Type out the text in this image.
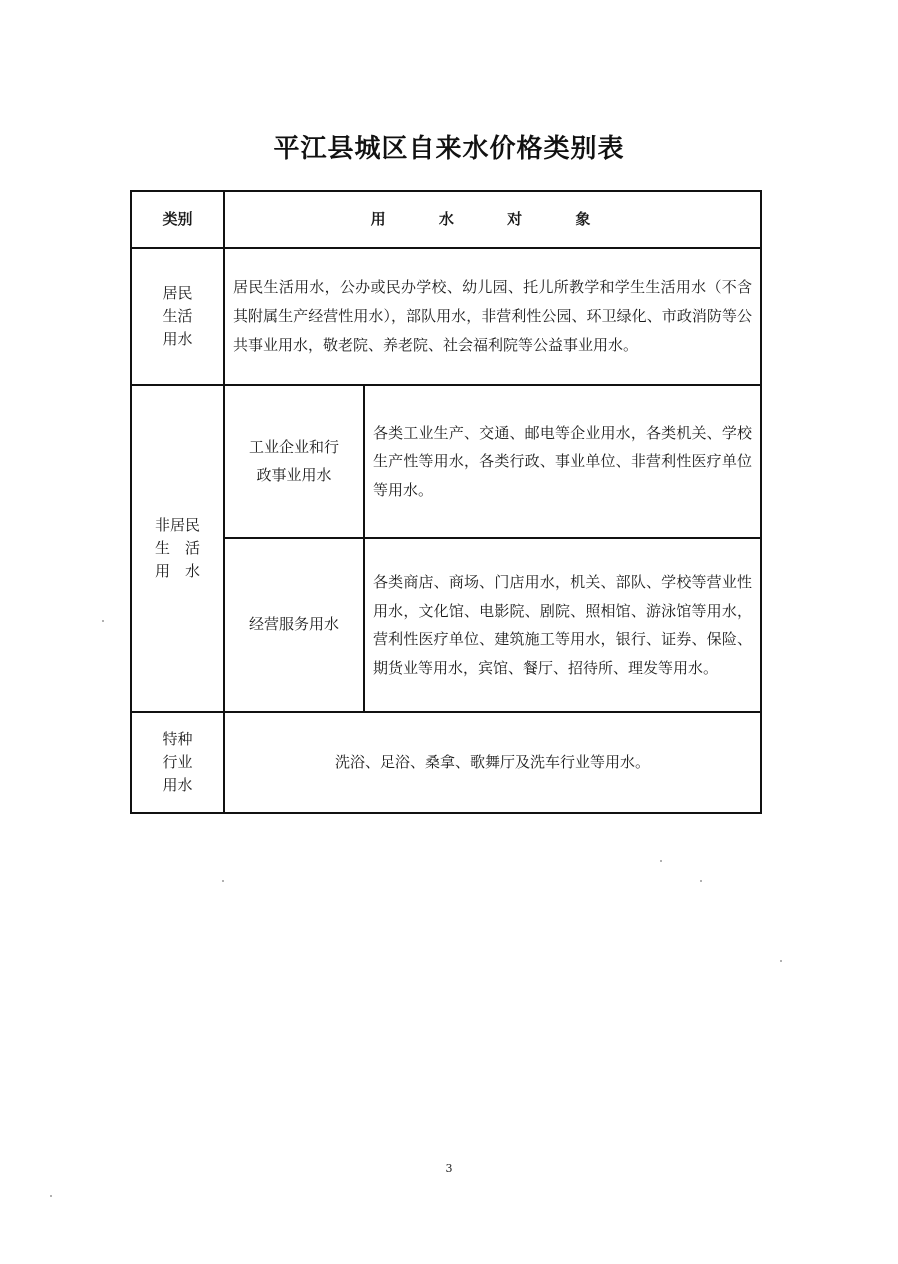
平江县城区自来水价格类别表
类别	用 水 对 象
居民
生活
用水
居民生活用水，公办或民办学校、幼儿园、托儿所教学和学生生活用水（不含其附属生产经营性用水），部队用水，非营利性公园、环卫绿化、市政消防等公共事业用水，敬老院、养老院、社会福利院等公益事业用水。
非居民
生　活
用　水
工业企业和行
政事业用水
各类工业生产、交通、邮电等企业用水，各类机关、学校生产性等用水，各类行政、事业单位、非营利性医疗单位等用水。
经营服务用水
各类商店、商场、门店用水，机关、部队、学校等营业性用水，文化馆、电影院、剧院、照相馆、游泳馆等用水，营利性医疗单位、建筑施工等用水，银行、证券、保险、期货业等用水，宾馆、餐厅、招待所、理发等用水。
特种
行业
用水
洗浴、足浴、桑拿、歌舞厅及洗车行业等用水。
3
